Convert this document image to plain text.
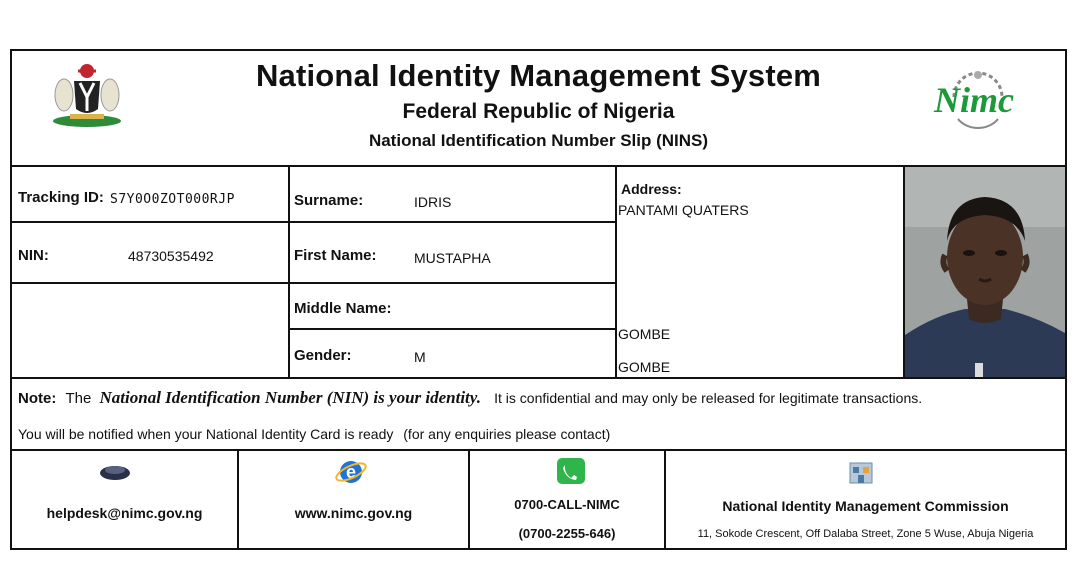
National Identity Management System
Federal Republic of Nigeria
National Identification Number Slip (NINS)
Nimc
Tracking ID: S7Y0O0ZOT000RJP
NIN:	48730535492
Surname:	IDRIS
First Name:	MUSTAPHA
Middle Name:
Gender:	M
Address:
PANTAMI QUATERS
GOMBE
GOMBE
Note: The National Identification Number (NIN) is your identity. It is confidential and may only be released for legitimate transactions.
You will be notified when your National Identity Card is ready (for any enquiries please contact)
helpdesk@nimc.gov.ng
e
www.nimc.gov.ng
0700-CALL-NIMC
(0700-2255-646)
National Identity Management Commission
11, Sokode Crescent, Off Dalaba Street, Zone 5 Wuse, Abuja Nigeria
